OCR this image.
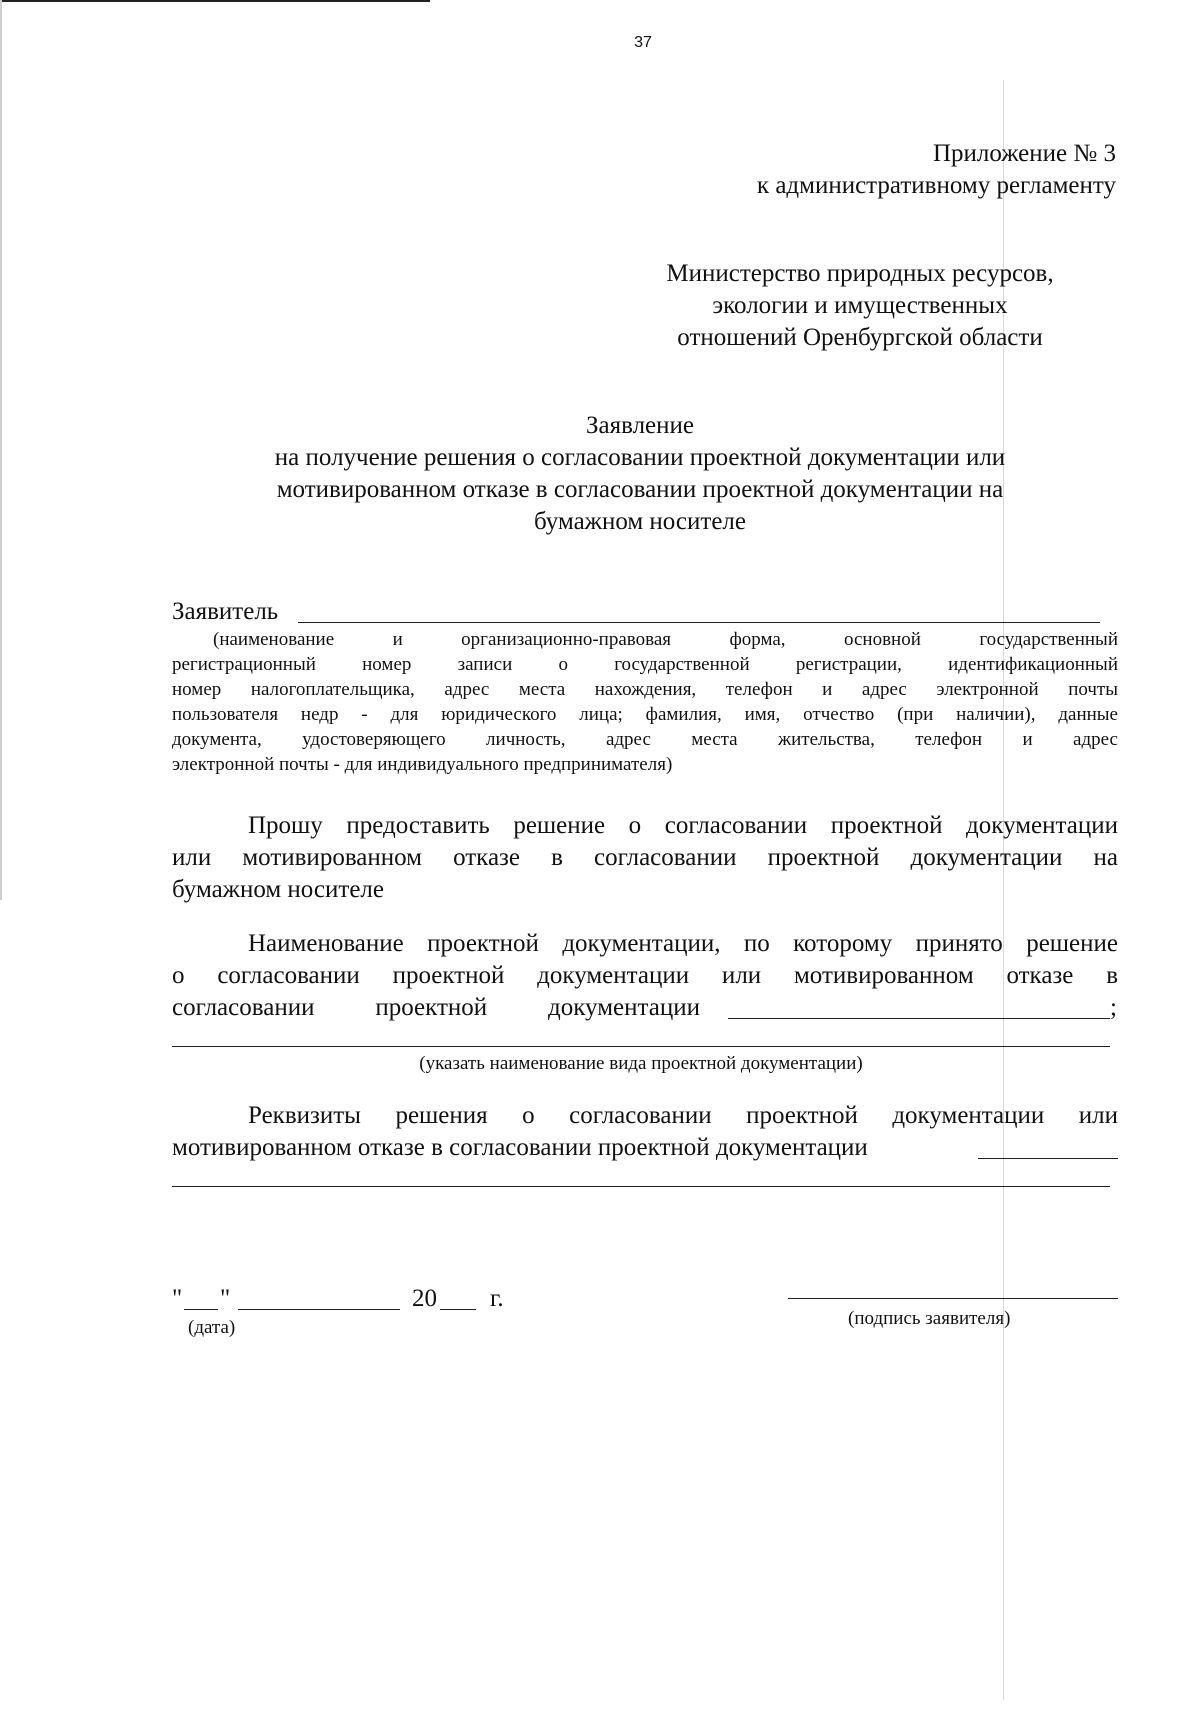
37
Приложение № 3
к административному регламенту
Министерство природных ресурсов,
экологии и имущественных
отношений Оренбургской области
Заявление
на получение решения о согласовании проектной документации или
мотивированном отказе в согласовании проектной документации на
бумажном носителе
Заявитель
(наименование и организационно-правовая форма, основной государственный
регистрационный номер записи о государственной регистрации, идентификационный
номер налогоплательщика, адрес места нахождения, телефон и адрес электронной почты
пользователя недр - для юридического лица; фамилия, имя, отчество (при наличии), данные
документа, удостоверяющего личность, адрес места жительства, телефон и адрес
электронной почты - для индивидуального предпринимателя)
Прошу предоставить решение о согласовании проектной документации
или мотивированном отказе в согласовании проектной документации на
бумажном носителе
Наименование проектной документации, по которому принято решение
о согласовании проектной документации или мотивированном отказе в
согласовании проектной документации	;
(указать наименование вида проектной документации)
Реквизиты решения о согласовании проектной документации или
мотивированном отказе в согласовании проектной документации
" "	20 г.
(дата)	(подпись заявителя)
